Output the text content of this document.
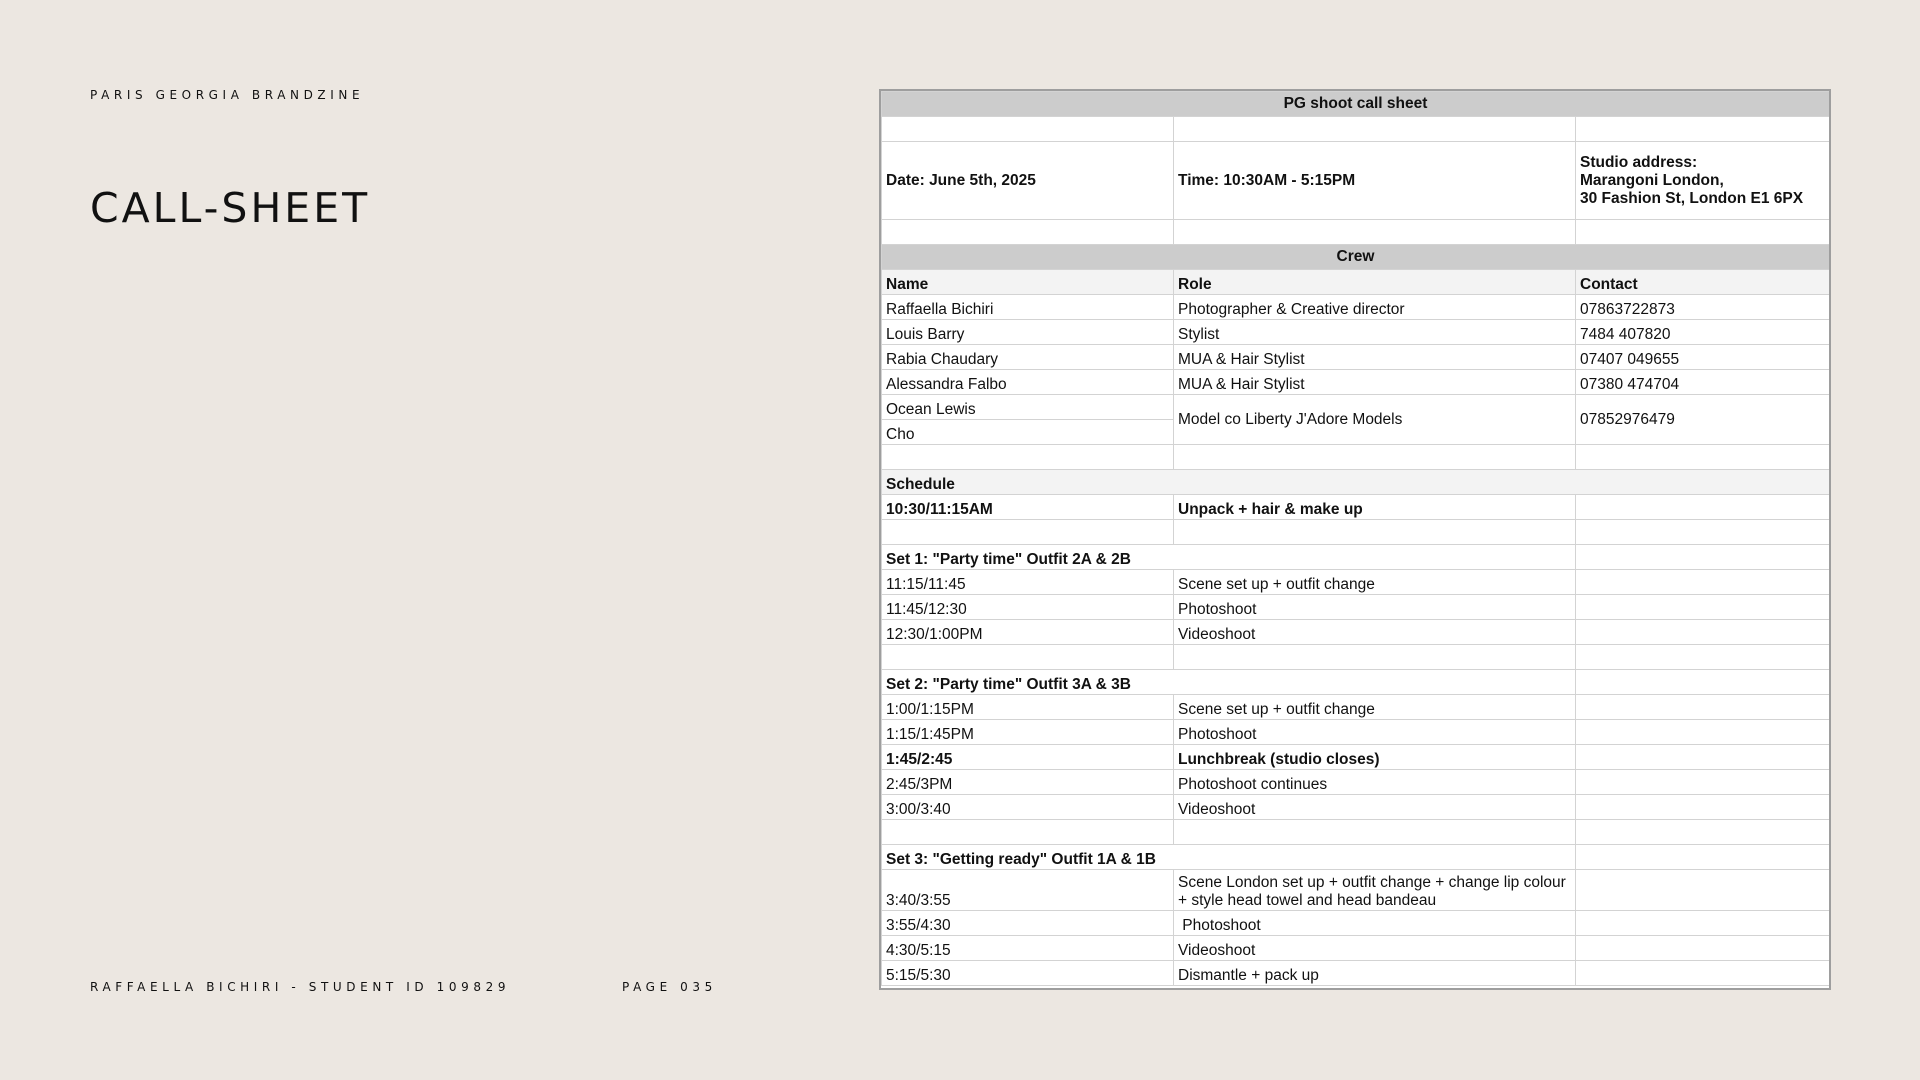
PARIS GEORGIA BRANDZINE
CALL-SHEET
RAFFAELLA BICHIRI - STUDENT ID 109829	PAGE 035
PG shoot call sheet		

Date: June 5th, 2025	Time: 10:30AM - 5:15PM	Studio address:
Marangoni London,
30 Fashion St, London E1 6PX

Crew		
Name	Role	Contact
Raffaella Bichiri	Photographer & Creative director	07863722873
Louis Barry	Stylist	7484 407820
Rabia Chaudary	MUA & Hair Stylist	07407 049655
Alessandra Falbo	MUA & Hair Stylist	07380 474704
Ocean Lewis	Model co Liberty J'Adore Models	07852976479
Cho		

Schedule		
10:30/11:15AM	Unpack + hair & make up	

Set 1: "Party time" Outfit 2A & 2B		
11:15/11:45	Scene set up + outfit change	
11:45/12:30	Photoshoot	
12:30/1:00PM	Videoshoot	

Set 2: "Party time" Outfit 3A & 3B		
1:00/1:15PM	Scene set up + outfit change	
1:15/1:45PM	Photoshoot	
1:45/2:45	Lunchbreak (studio closes)	
2:45/3PM	Photoshoot continues	
3:00/3:40	Videoshoot	

Set 3: "Getting ready" Outfit 1A & 1B		
3:40/3:55	Scene London set up + outfit change + change lip colour + style head towel and head bandeau	
3:55/4:30	Photoshoot	
4:30/5:15	Videoshoot	
5:15/5:30	Dismantle + pack up	
